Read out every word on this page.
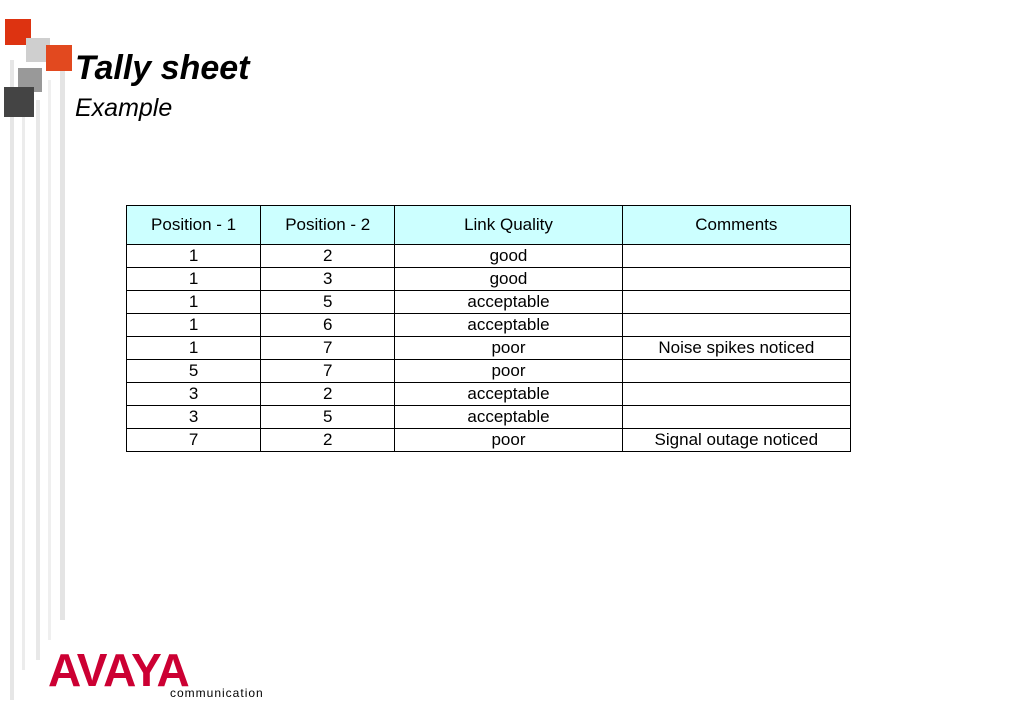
Tally sheet
Example
Position - 1	Position - 2	Link Quality	Comments
1	2	good	
1	3	good	
1	5	acceptable	
1	6	acceptable	
1	7	poor	Noise spikes noticed
5	7	poor	
3	2	acceptable	
3	5	acceptable	
7	2	poor	Signal outage noticed
AVAYA
communication
